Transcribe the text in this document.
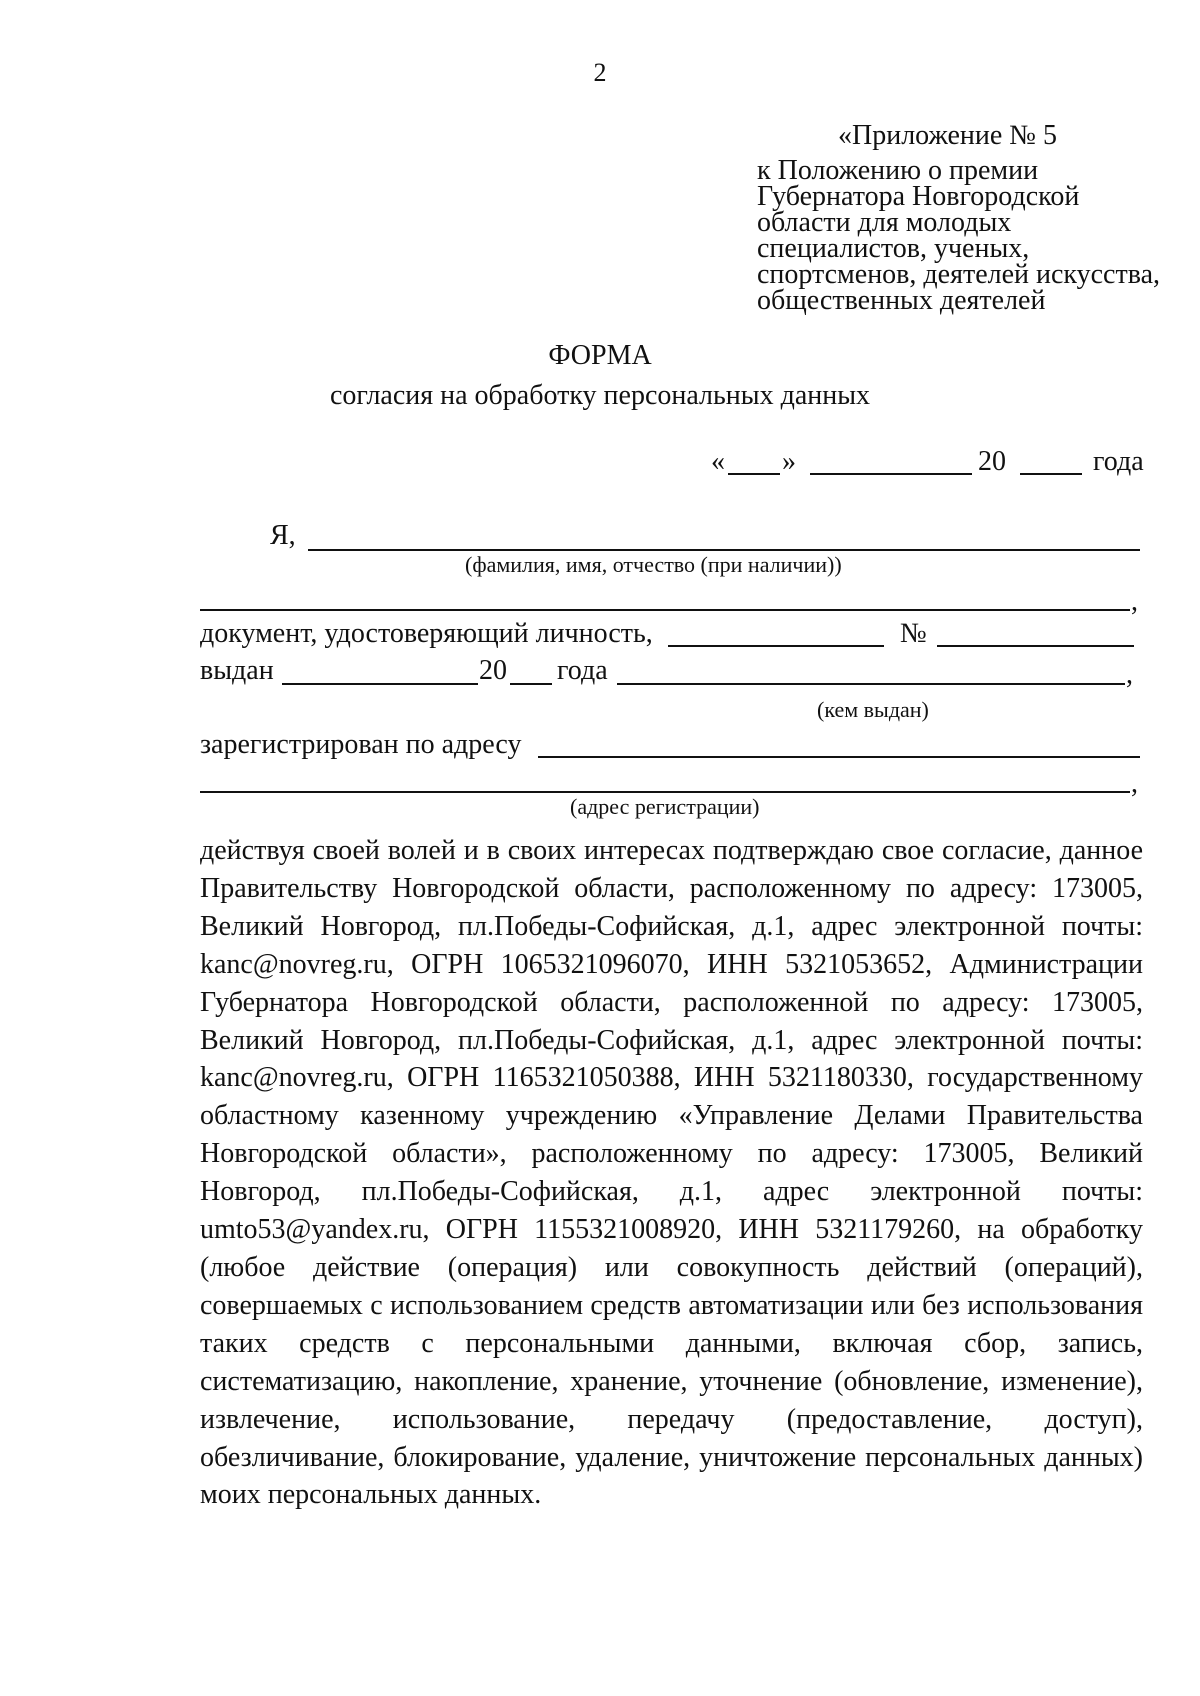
2
«Приложение № 5
к Положению о премии Губернатора Новгородской области для молодых специалистов, ученых, спортсменов, деятелей искусства, общественных деятелей
ФОРМА
согласия на обработку персональных данных
« »	20	года
Я,
(фамилия, имя, отчество (при наличии))
,
документ, удостоверяющий личность,	№
выдан	20 года	,
(кем выдан)
зарегистрирован по адресу
,
(адрес регистрации)

действуя своей волей и в своих интересах подтверждаю свое согласие, данное Правительству Новгородской области, расположенному по адресу: 173005, Великий Новгород, пл.Победы-Софийская, д.1, адрес электронной почты: kanc@novreg.ru, ОГРН 1065321096070, ИНН 5321053652, Администрации Губернатора Новгородской области, расположенной по адресу: 173005, Великий Новгород, пл.Победы-Софийская, д.1, адрес электронной почты: kanc@novreg.ru, ОГРН 1165321050388, ИНН 5321180330, государственному областному казенному учреждению «Управление Делами Правительства Новгородской области», расположенному по адресу: 173005, Великий Новгород, пл.Победы-Софийская, д.1, адрес электронной почты: umto53@yandex.ru, ОГРН 1155321008920, ИНН 5321179260, на обработку (любое действие (операция) или совокупность действий (операций), совершаемых с использованием средств автоматизации или без использования таких средств с персональными данными, включая сбор, запись, систематизацию, накопление, хранение, уточнение (обновление, изменение), извлечение, использование, передачу (предоставление, доступ), обезличивание, блокирование, удаление, уничтожение персональных данных) моих персональных данных.
